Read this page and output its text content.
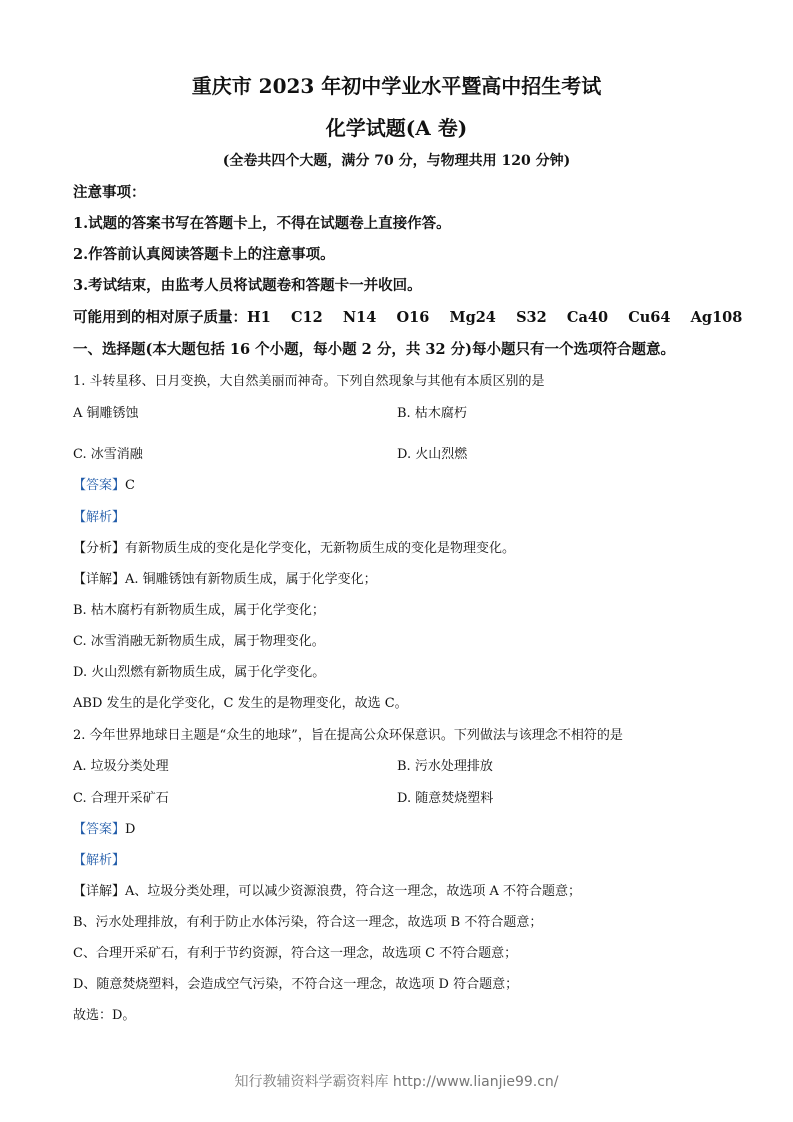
重庆市 2023 年初中学业水平暨高中招生考试
化学试题(A 卷)
(全卷共四个大题，满分 70 分，与物理共用 120 分钟)
注意事项：
1.试题的答案书写在答题卡上，不得在试题卷上直接作答。
2.作答前认真阅读答题卡上的注意事项。
3.考试结束，由监考人员将试题卷和答题卡一并收回。
可能用到的相对原子质量：H1    C12    N14    O16    Mg24    S32    Ca40    Cu64    Ag108
一、选择题(本大题包括 16 个小题，每小题 2 分，共 32 分)每小题只有一个选项符合题意。
1. 斗转星移、日月变换，大自然美丽而神奇。下列自然现象与其他有本质区别的是
A 铜雕锈蚀	B. 枯木腐朽
C. 冰雪消融	D. 火山烈燃
【答案】C
【解析】
【分析】有新物质生成的变化是化学变化，无新物质生成的变化是物理变化。
【详解】A. 铜雕锈蚀有新物质生成，属于化学变化；
B. 枯木腐朽有新物质生成，属于化学变化；
C. 冰雪消融无新物质生成，属于物理变化。
D. 火山烈燃有新物质生成，属于化学变化。
ABD 发生的是化学变化，C 发生的是物理变化，故选 C。
2. 今年世界地球日主题是“众生的地球”，旨在提高公众环保意识。下列做法与该理念不相符的是
A. 垃圾分类处理	B. 污水处理排放
C. 合理开采矿石	D. 随意焚烧塑料
【答案】D
【解析】
【详解】A、垃圾分类处理，可以减少资源浪费，符合这一理念，故选项 A 不符合题意；
B、污水处理排放，有利于防止水体污染，符合这一理念，故选项 B 不符合题意；
C、合理开采矿石，有利于节约资源，符合这一理念，故选项 C 不符合题意；
D、随意焚烧塑料，会造成空气污染，不符合这一理念，故选项 D 符合题意；
故选：D。
知行教辅资料学霸资料库 http://www.lianjie99.cn/
